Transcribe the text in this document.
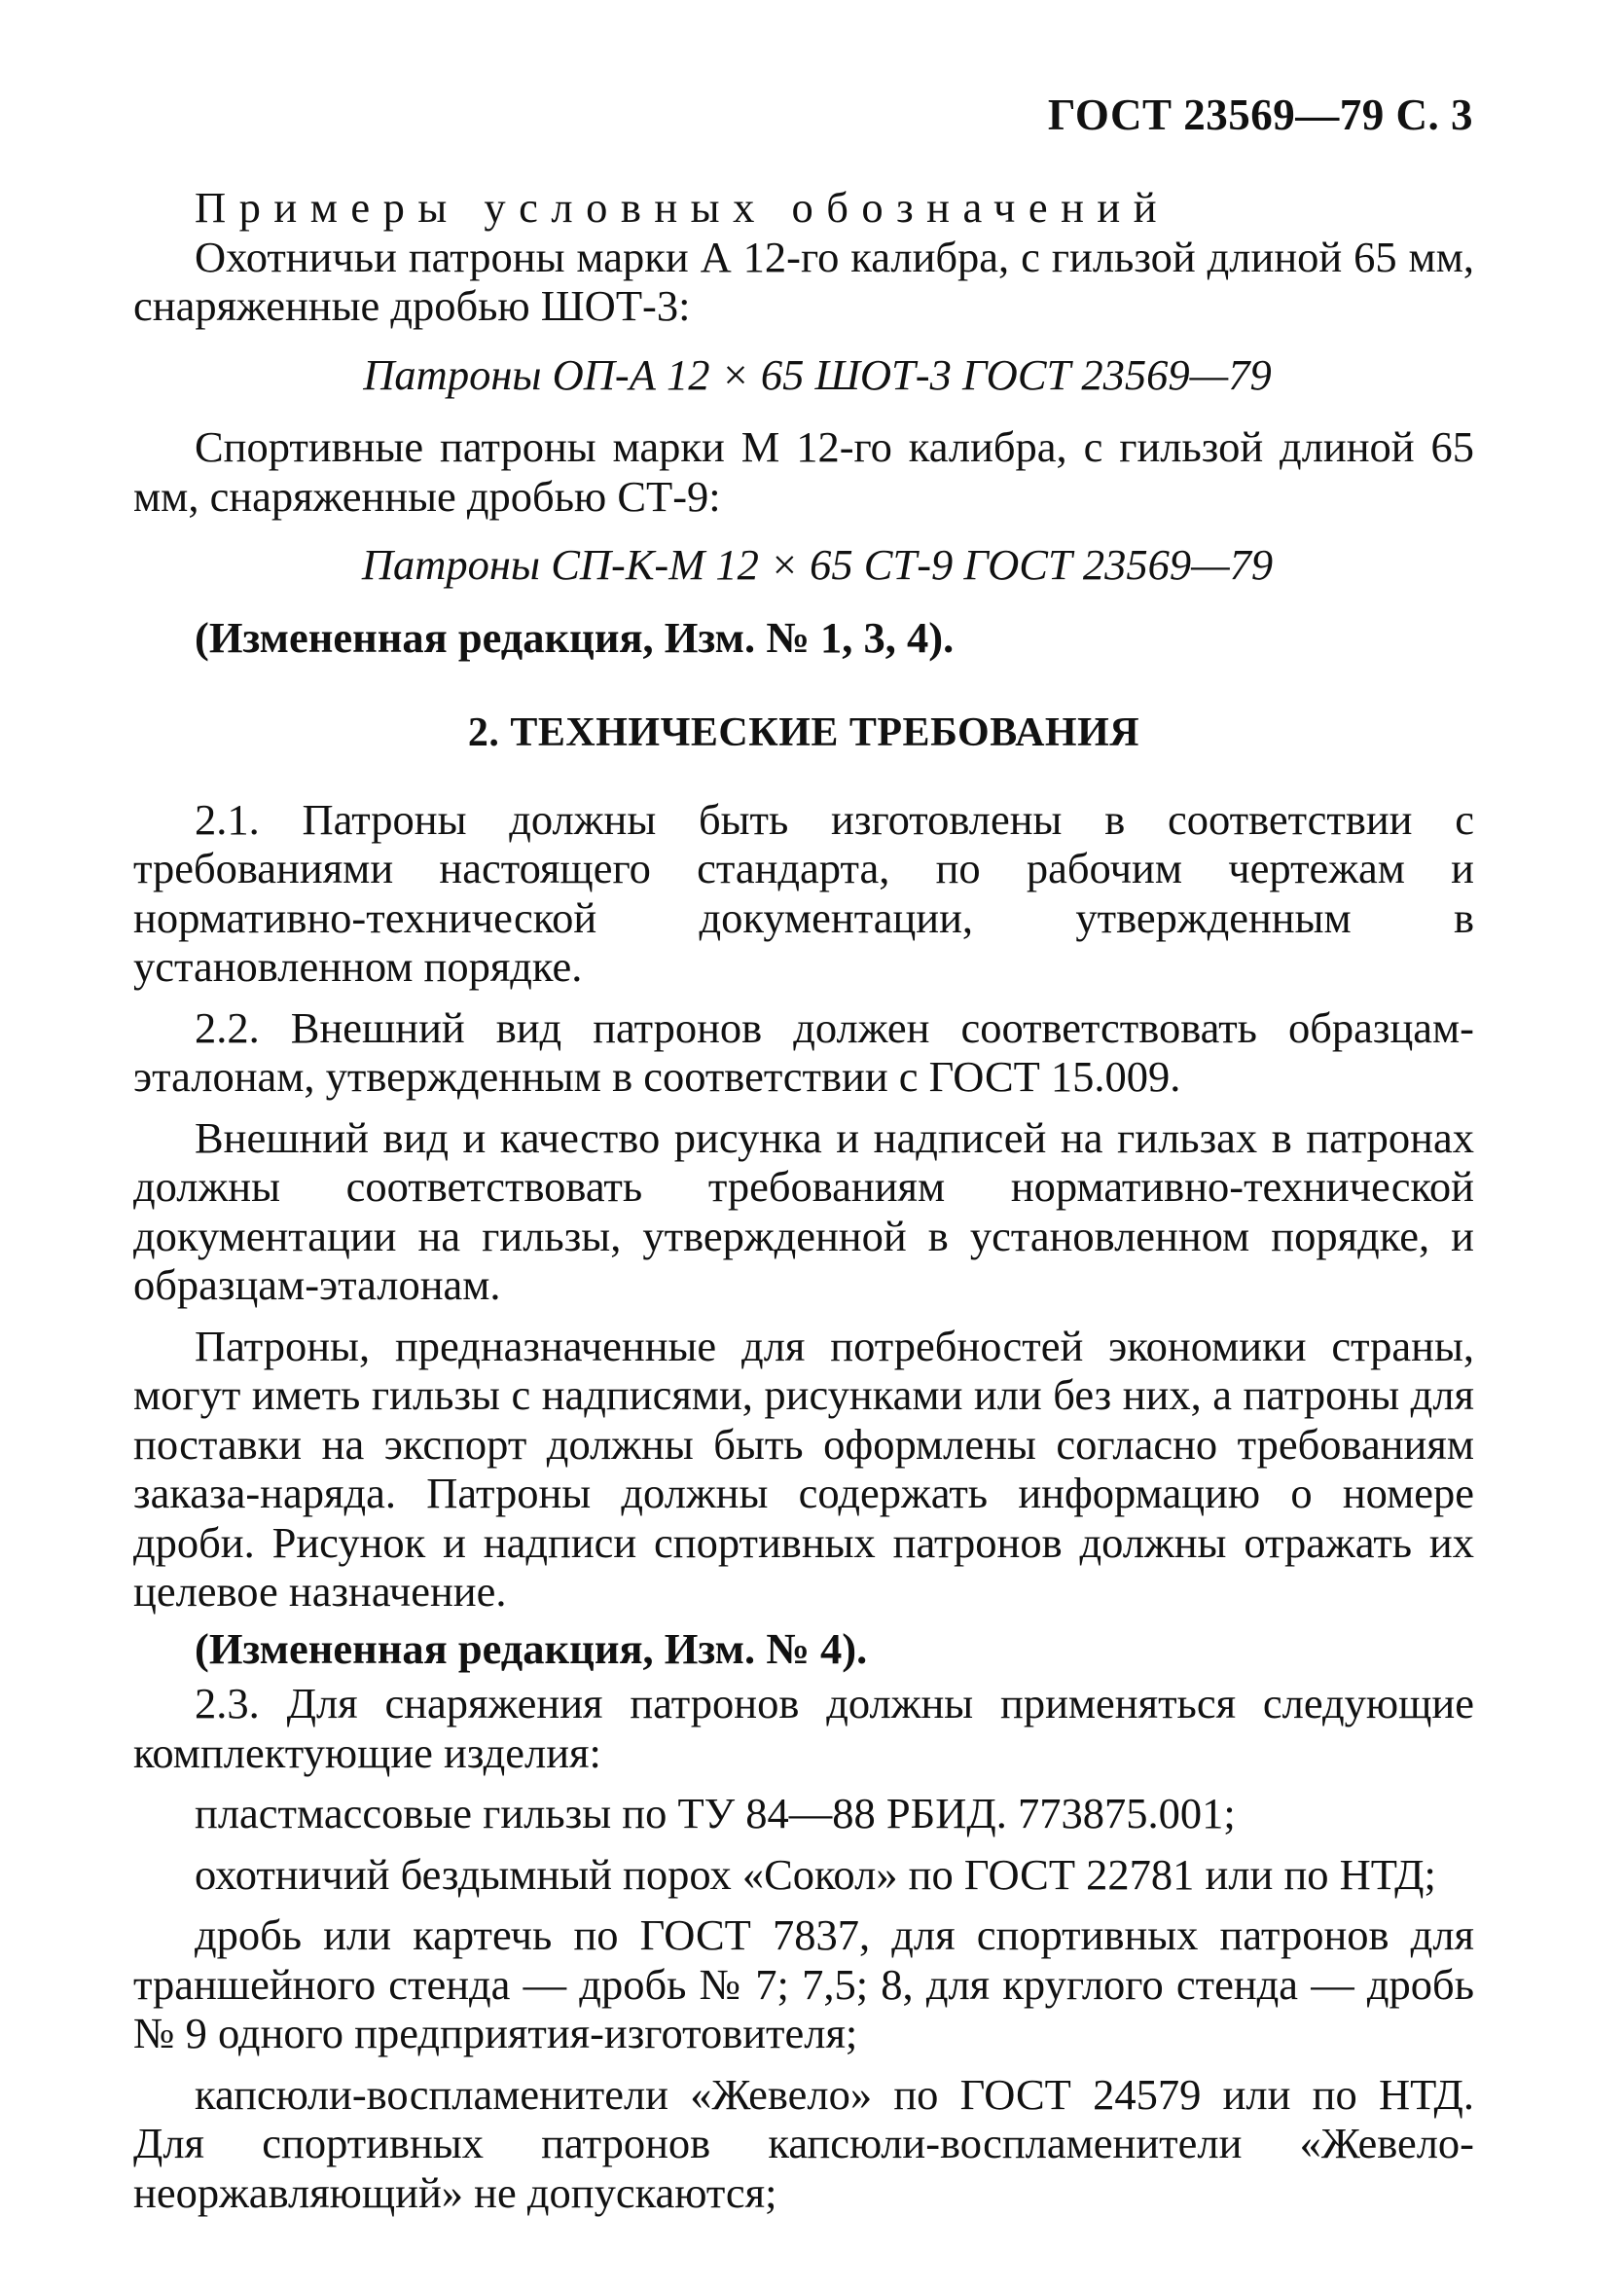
ГОСТ 23569—79 С. 3
Примеры условных обозначений

Охотничьи патроны марки А 12-го калибра, с гильзой длиной 65 мм, снаряженные дробью ШОТ-3:

Патроны ОП-А 12 × 65 ШОТ-3 ГОСТ 23569—79

Спортивные патроны марки М 12-го калибра, с гильзой длиной 65 мм, снаряженные дробью СТ-9:

Патроны СП-К-М 12 × 65 СТ-9 ГОСТ 23569—79
(Измененная редакция, Изм. № 1, 3, 4).
2. ТЕХНИЧЕСКИЕ ТРЕБОВАНИЯ

2.1. Патроны должны быть изготовлены в соответствии с требованиями настоящего стандарта, по рабочим чертежам и нормативно-технической документации, утвержденным в установленном порядке.

2.2. Внешний вид патронов должен соответствовать образцам-эталонам, утвержденным в соответствии с ГОСТ 15.009.

Внешний вид и качество рисунка и надписей на гильзах в патронах должны соответствовать требованиям нормативно-технической документации на гильзы, утвержденной в установленном порядке, и образцам-эталонам.

Патроны, предназначенные для потребностей экономики страны, могут иметь гильзы с надписями, рисунками или без них, а патроны для поставки на экспорт должны быть оформлены согласно требованиям заказа-наряда. Патроны должны содержать информацию о номере дроби. Рисунок и надписи спортивных патронов должны отражать их целевое назначение.

(Измененная редакция, Изм. № 4).

2.3. Для снаряжения патронов должны применяться следующие комплектующие изделия:

пластмассовые гильзы по ТУ 84—88 РБИД. 773875.001;

охотничий бездымный порох «Сокол» по ГОСТ 22781 или по НТД;

дробь или картечь по ГОСТ 7837, для спортивных патронов для траншейного стенда — дробь № 7; 7,5; 8, для круглого стенда — дробь № 9 одного предприятия-изготовителя;

капсюли-воспламенители «Жевело» по ГОСТ 24579 или по НТД. Для спортивных патронов капсюли-воспламенители «Жевело-неоржавляющий» не допускаются;
